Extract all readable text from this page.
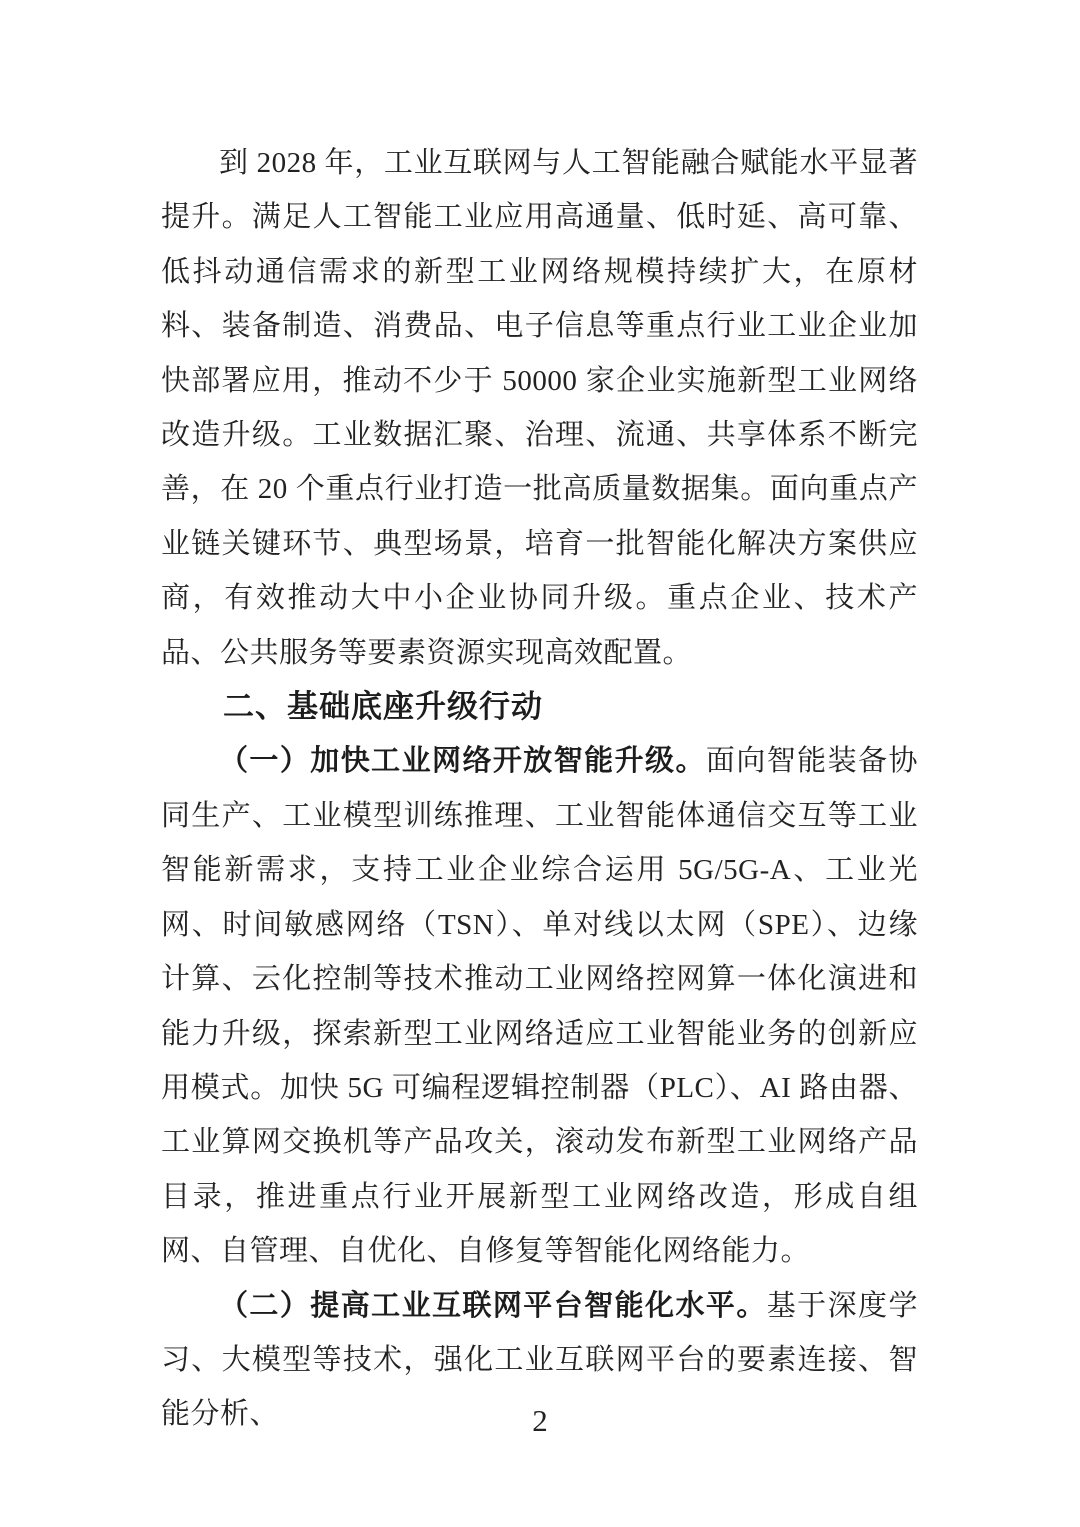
到 2028 年，工业互联网与人工智能融合赋能水平显著提升。满足人工智能工业应用高通量、低时延、高可靠、低抖动通信需求的新型工业网络规模持续扩大，在原材料、装备制造、消费品、电子信息等重点行业工业企业加快部署应用，推动不少于 50000 家企业实施新型工业网络改造升级。工业数据汇聚、治理、流通、共享体系不断完善，在 20 个重点行业打造一批高质量数据集。面向重点产业链关键环节、典型场景，培育一批智能化解决方案供应商，有效推动大中小企业协同升级。重点企业、技术产品、公共服务等要素资源实现高效配置。

二、基础底座升级行动

（一）加快工业网络开放智能升级。面向智能装备协同生产、工业模型训练推理、工业智能体通信交互等工业智能新需求，支持工业企业综合运用 5G/5G-A、工业光网、时间敏感网络（TSN）、单对线以太网（SPE）、边缘计算、云化控制等技术推动工业网络控网算一体化演进和能力升级，探索新型工业网络适应工业智能业务的创新应用模式。加快 5G 可编程逻辑控制器（PLC）、AI 路由器、工业算网交换机等产品攻关，滚动发布新型工业网络产品目录，推进重点行业开展新型工业网络改造，形成自组网、自管理、自优化、自修复等智能化网络能力。

（二）提高工业互联网平台智能化水平。基于深度学习、大模型等技术，强化工业互联网平台的要素连接、智能分析、	2
